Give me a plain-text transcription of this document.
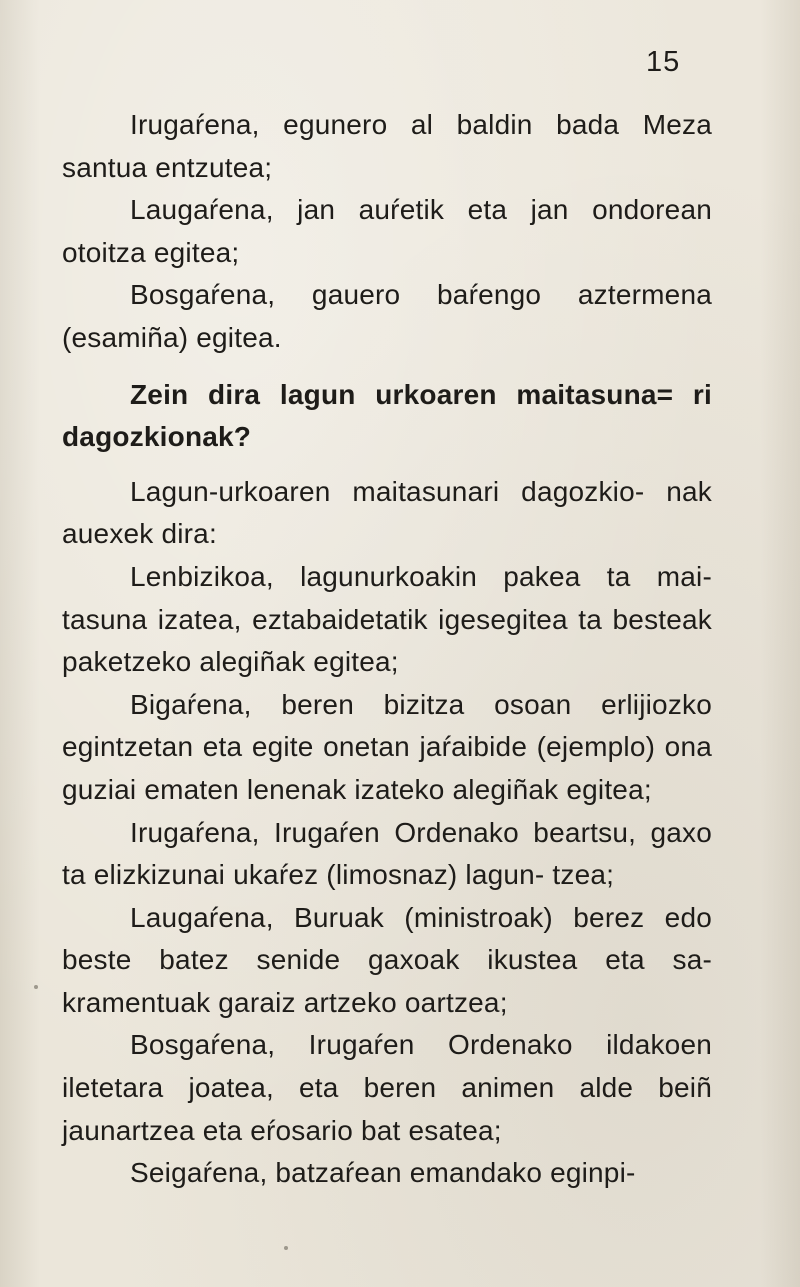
15

Irugaŕena, egunero al baldin bada Meza santua entzutea;

Laugaŕena, jan auŕetik eta jan ondorean otoitza egitea;

Bosgaŕena, gauero baŕengo aztermena (esamiña) egitea.

Zein dira lagun urkoaren maitasuna= ri dagozkionak?

Lagun-urkoaren maitasunari dagozkio- nak auexek dira:

Lenbizikoa, lagunurkoakin pakea ta mai- tasuna izatea, eztabaidetatik igesegitea ta besteak paketzeko alegiñak egitea;

Bigaŕena, beren bizitza osoan erlijiozko egintzetan eta egite onetan jaŕaibide (ejemplo) ona guziai ematen lenenak izateko alegiñak egitea;

Irugaŕena, Irugaŕen Ordenako beartsu, gaxo ta elizkizunai ukaŕez (limosnaz) lagun- tzea;

Laugaŕena, Buruak (ministroak) berez edo beste batez senide gaxoak ikustea eta sa- kramentuak garaiz artzeko oartzea;

Bosgaŕena, Irugaŕen Ordenako ildakoen iletetara joatea, eta beren animen alde beiñ jaunartzea eta eŕosario bat esatea;

Seigaŕena, batzaŕean emandako eginpi-
